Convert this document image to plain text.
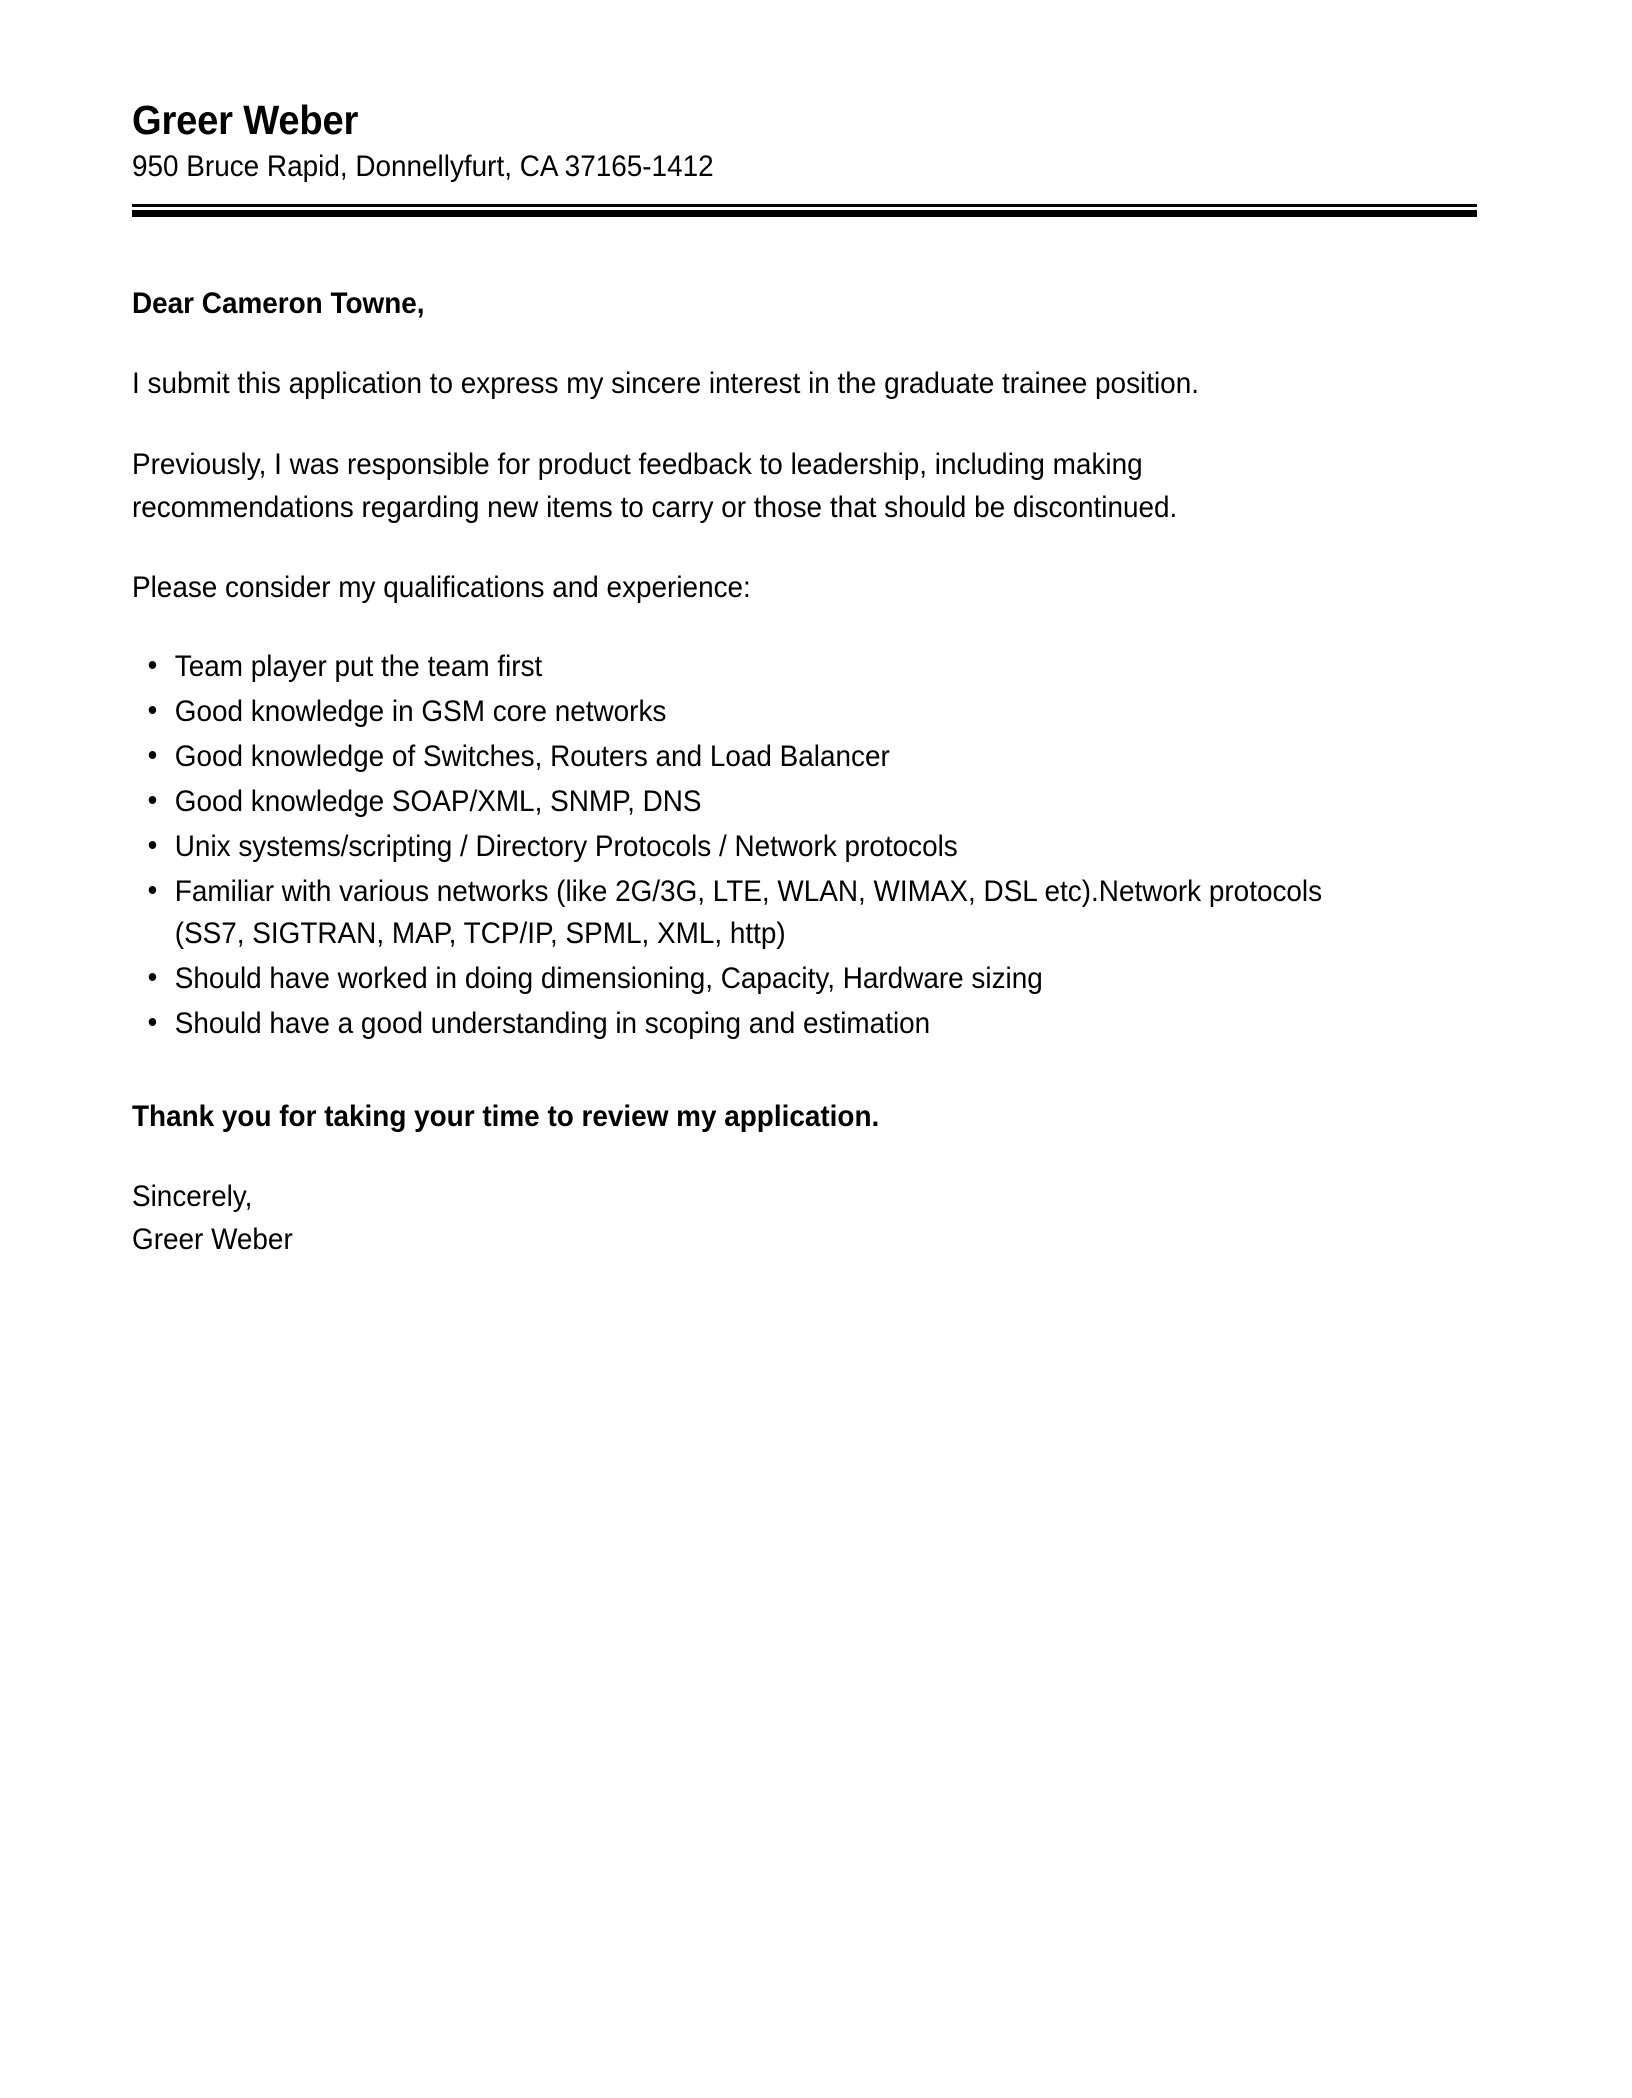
Greer Weber
950 Bruce Rapid, Donnellyfurt, CA 37165-1412

Dear Cameron Towne,

I submit this application to express my sincere interest in the graduate trainee position.

Previously, I was responsible for product feedback to leadership, including making recommendations regarding new items to carry or those that should be discontinued.

Please consider my qualifications and experience:

Team player put the team first
Good knowledge in GSM core networks
Good knowledge of Switches, Routers and Load Balancer
Good knowledge SOAP/XML, SNMP, DNS
Unix systems/scripting / Directory Protocols / Network protocols
Familiar with various networks (like 2G/3G, LTE, WLAN, WIMAX, DSL etc).Network protocols (SS7, SIGTRAN, MAP, TCP/IP, SPML, XML, http)
Should have worked in doing dimensioning, Capacity, Hardware sizing
Should have a good understanding in scoping and estimation

Thank you for taking your time to review my application.

Sincerely,
Greer Weber
